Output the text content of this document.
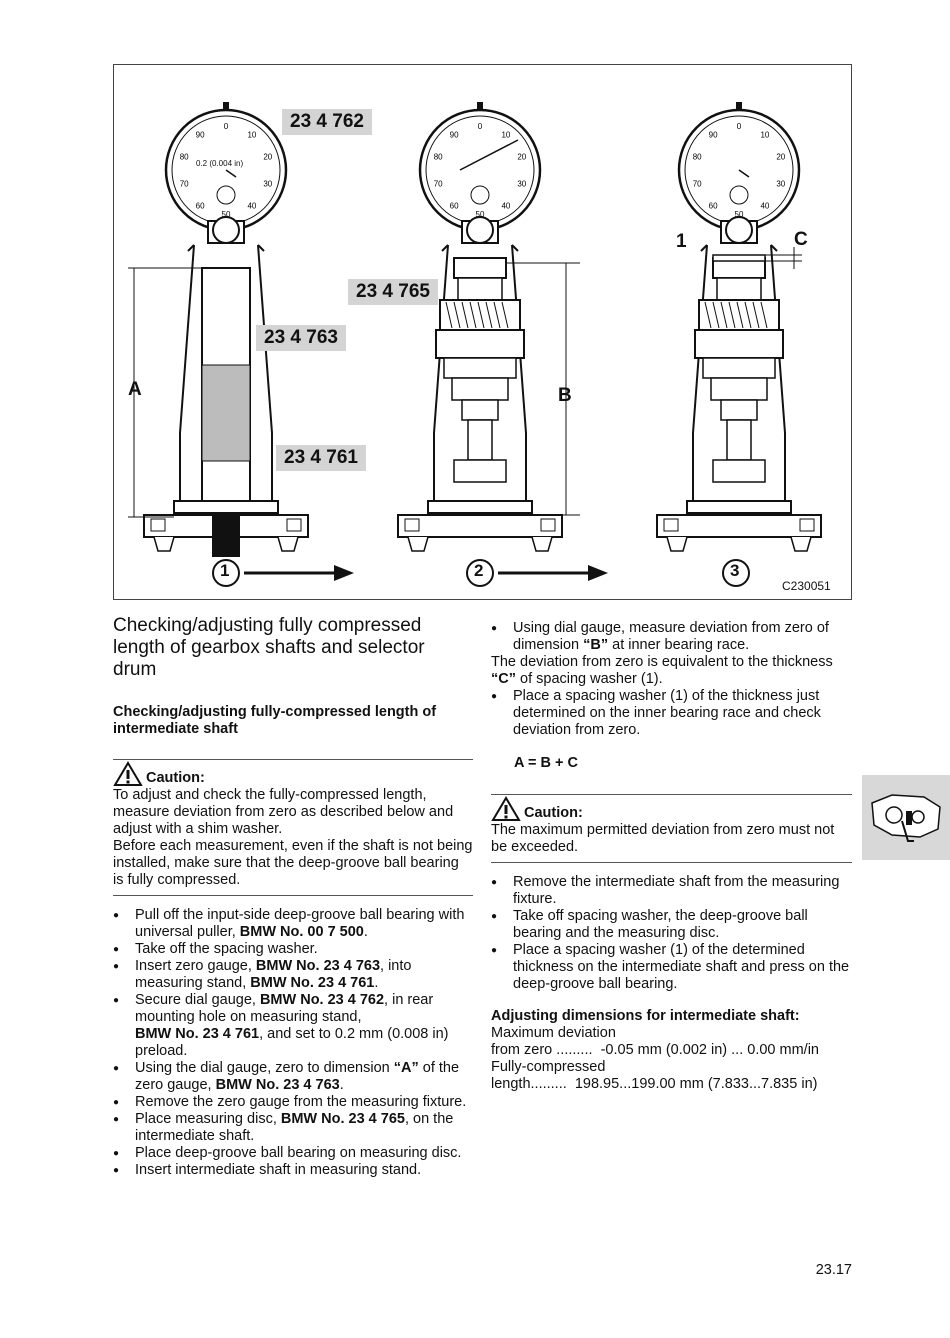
10
20
30
40
50
60
70
80
90
0
10
20
30
40
50
60
70
80
90
0
10
20
30
40
50
60
70
80
90
0
0.2 (0.004 in)
23 4 762
23 4 765
23 4 763
23 4 761
A	B
C
1
1	2	3
C230051
Checking/adjusting fully compressed length of gearbox shafts and selector drum
Checking/adjusting fully-compressed length of intermediate shaft
Caution:
To adjust and check the fully-compressed length, measure deviation from zero as described below and adjust with a shim washer.
Before each measurement, even if the shaft is not being installed, make sure that the deep-groove ball bearing is fully compressed.
● Pull off the input-side deep-groove ball bearing with universal puller, BMW No. 00 7 500.
● Take off the spacing washer.
● Insert zero gauge, BMW No. 23 4 763, into measuring stand, BMW No. 23 4 761.
● Secure dial gauge, BMW No. 23 4 762, in rear mounting hole on measuring stand,
BMW No. 23 4 761, and set to 0.2 mm (0.008 in) preload.
● Using the dial gauge, zero to dimension “A” of the zero gauge, BMW No. 23 4 763.
● Remove the zero gauge from the measuring fixture.
● Place measuring disc, BMW No. 23 4 765, on the intermediate shaft.
● Place deep-groove ball bearing on measuring disc.
● Insert intermediate shaft in measuring stand.
● Using dial gauge, measure deviation from zero of dimension “B” at inner bearing race.
The deviation from zero is equivalent to the thickness “C” of spacing washer (1).
● Place a spacing washer (1) of the thickness just determined on the inner bearing race and check deviation from zero.
A = B + C
Caution:
The maximum permitted deviation from zero must not be exceeded.
● Remove the intermediate shaft from the measuring fixture.
● Take off spacing washer, the deep-groove ball bearing and the measuring disc.
● Place a spacing washer (1) of the determined thickness on the intermediate shaft and press on the deep-groove ball bearing.
Adjusting dimensions for intermediate shaft:
Maximum deviation
from zero ......... -0.05 mm (0.002 in) ... 0.00 mm/in
Fully-compressed
length......... 198.95...199.00 mm (7.833...7.835 in)
23.17
